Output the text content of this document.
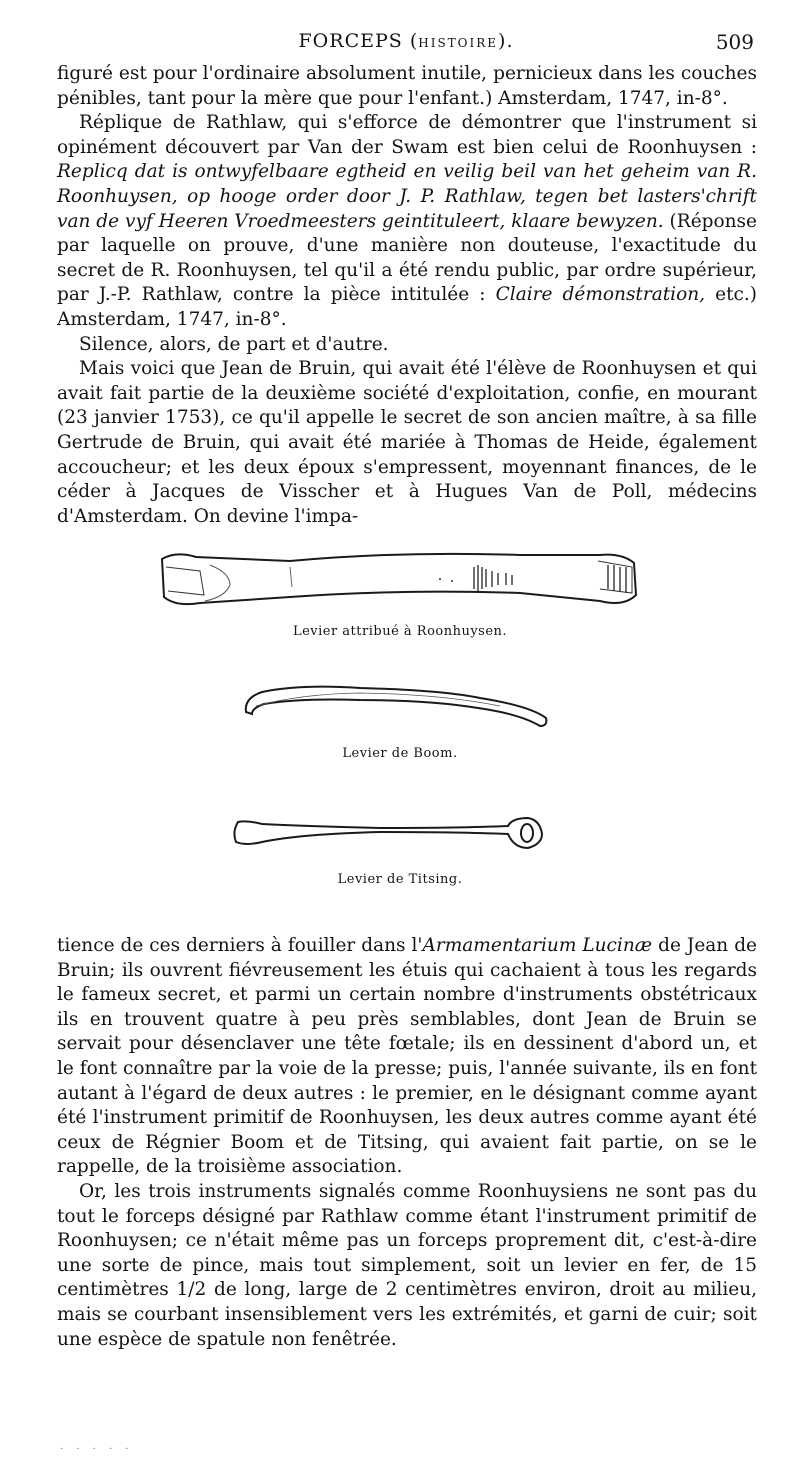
FORCEPS (HISTOIRE).	509

figuré est pour l'ordinaire absolument inutile, pernicieux dans les couches pénibles, tant pour la mère que pour l'enfant.) Amsterdam, 1747, in-8°.

Réplique de Rathlaw, qui s'efforce de démontrer que l'instrument si opinément découvert par Van der Swam est bien celui de Roonhuysen : Replicq dat is ontwyfelbaare egtheid en veilig beil van het geheim van R. Roonhuysen, op hooge order door J. P. Rathlaw, tegen bet lasters'chrift van de vyf Heeren Vroedmeesters geintituleert, klaare bewyzen. (Réponse par laquelle on prouve, d'une manière non douteuse, l'exactitude du secret de R. Roonhuysen, tel qu'il a été rendu public, par ordre supérieur, par J.-P. Rathlaw, contre la pièce intitulée : Claire démonstration, etc.) Amsterdam, 1747, in-8°.

Silence, alors, de part et d'autre.

Mais voici que Jean de Bruin, qui avait été l'élève de Roonhuysen et qui avait fait partie de la deuxième société d'exploitation, confie, en mourant (23 janvier 1753), ce qu'il appelle le secret de son ancien maître, à sa fille Gertrude de Bruin, qui avait été mariée à Thomas de Heide, également accoucheur; et les deux époux s'empressent, moyennant finances, de le céder à Jacques de Visscher et à Hugues Van de Poll, médecins d'Amsterdam. On devine l'impa-

Levier attribué à Roonhuysen.
Levier de Boom.
Levier de Titsing.

tience de ces derniers à fouiller dans l'Armamentarium Lucinæ de Jean de Bruin; ils ouvrent fiévreusement les étuis qui cachaient à tous les regards le fameux secret, et parmi un certain nombre d'instruments obstétricaux ils en trouvent quatre à peu près semblables, dont Jean de Bruin se servait pour désenclaver une tête fœtale; ils en dessinent d'abord un, et le font connaître par la voie de la presse; puis, l'année suivante, ils en font autant à l'égard de deux autres : le premier, en le désignant comme ayant été l'instrument primitif de Roonhuysen, les deux autres comme ayant été ceux de Régnier Boom et de Titsing, qui avaient fait partie, on se le rappelle, de la troisième association.

Or, les trois instruments signalés comme Roonhuysiens ne sont pas du tout le forceps désigné par Rathlaw comme étant l'instrument primitif de Roonhuysen; ce n'était même pas un forceps proprement dit, c'est-à-dire une sorte de pince, mais tout simplement, soit un levier en fer, de 15 centimètres 1/2 de long, large de 2 centimètres environ, droit au milieu, mais se courbant insensiblement vers les extrémités, et garni de cuir; soit une espèce de spatule non fenêtrée.

· · · · ·
